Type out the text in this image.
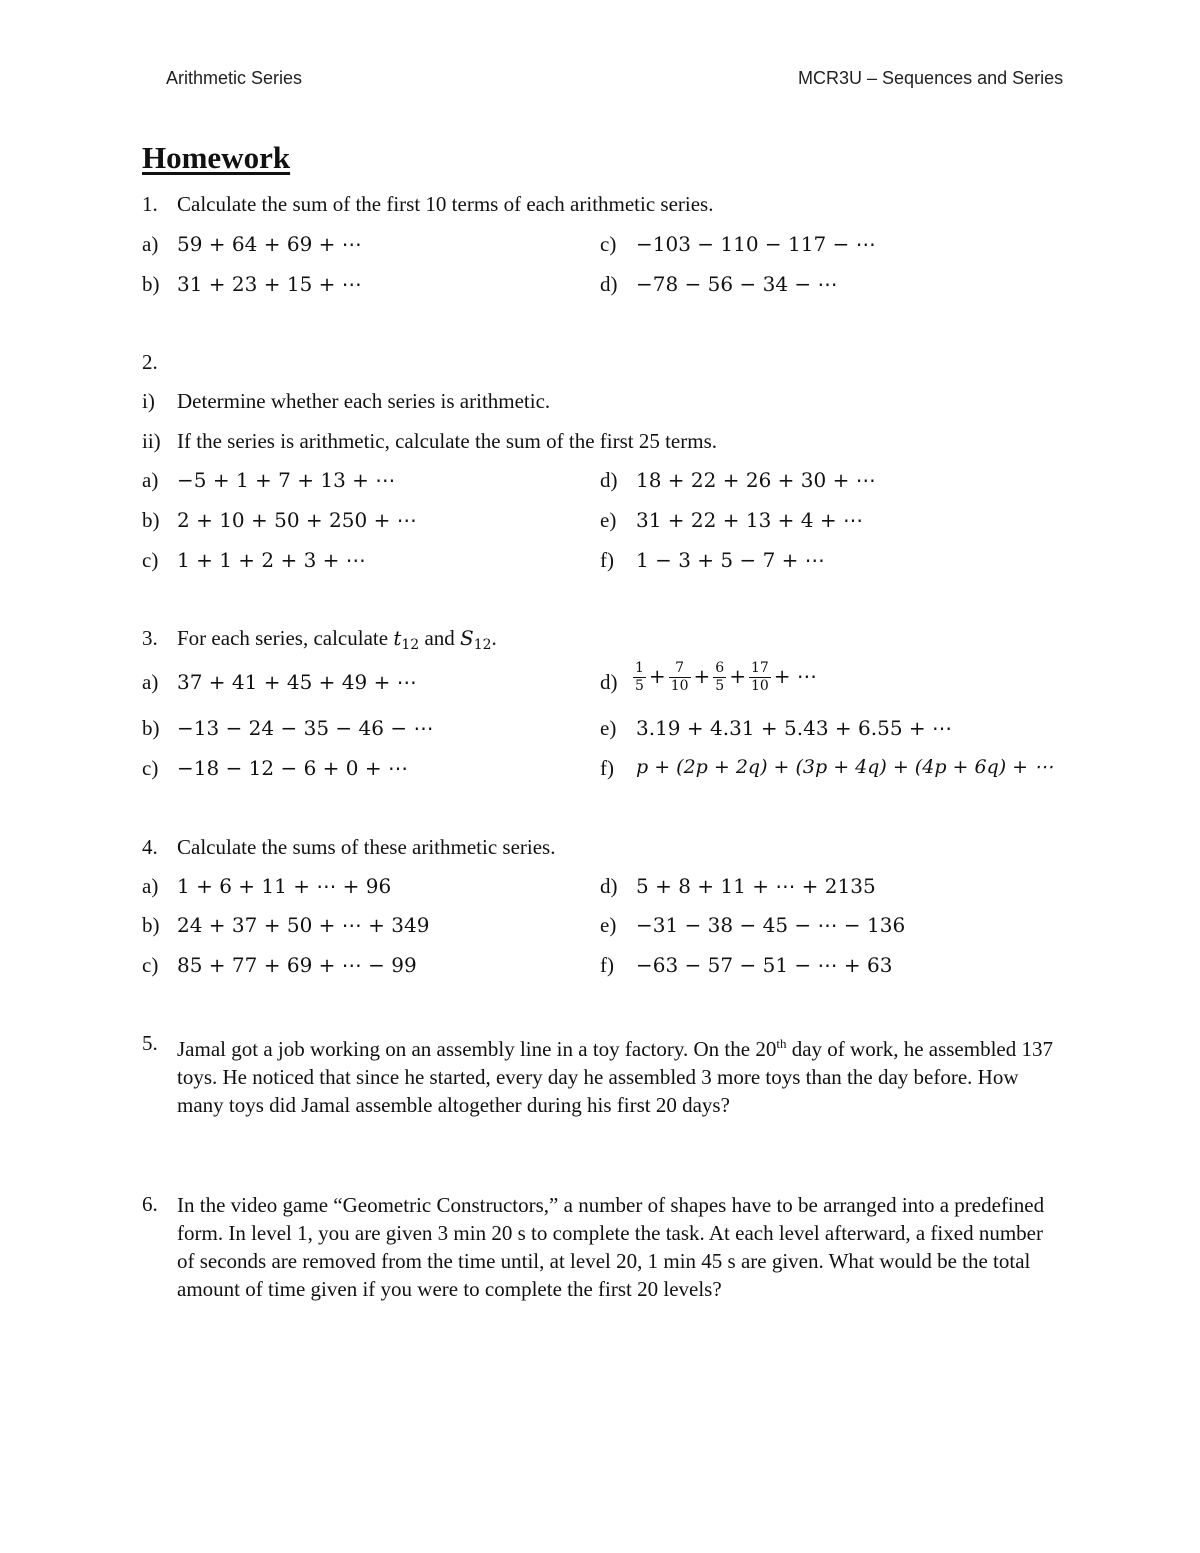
Arithmetic Series	MCR3U – Sequences and Series
Homework
1. Calculate the sum of the first 10 terms of each arithmetic series.
a) 59 + 64 + 69 + ⋯
b) 31 + 23 + 15 + ⋯
c) −103 − 110 − 117 − ⋯
d) −78 − 56 − 34 − ⋯
2.
i) Determine whether each series is arithmetic.
ii) If the series is arithmetic, calculate the sum of the first 25 terms.
a) −5 + 1 + 7 + 13 + ⋯
b) 2 + 10 + 50 + 250 + ⋯
c) 1 + 1 + 2 + 3 + ⋯
d) 18 + 22 + 26 + 30 + ⋯
e) 31 + 22 + 13 + 4 + ⋯
f) 1 − 3 + 5 − 7 + ⋯
3. For each series, calculate $t_{12}$ and $S_{12}$.
a) 37 + 41 + 45 + 49 + ⋯
b) −13 − 24 − 35 − 46 − ⋯
c) −18 − 12 − 6 + 0 + ⋯
$d) \frac{1}{5} + \frac{7}{10} + \frac{6}{5} + \frac{17}{10}$ + ⋯
e) 3.19 + 4.31 + 5.43 + 6.55 + ⋯
f) p + (2p + 2q) + (3p + 4q) + (4p + 6q) + ⋯
4. Calculate the sums of these arithmetic series.
a) 1 + 6 + 11 + ⋯ + 96
b) 24 + 37 + 50 + ⋯ + 349
c) 85 + 77 + 69 + ⋯ − 99
d) 5 + 8 + 11 + ⋯ + 2135
e) −31 − 38 − 45 − ⋯ − 136
f) −63 − 57 − 51 − ⋯ + 63
5. Jamal got a job working on an assembly line in a toy factory. On the 20th day of work, he assembled 137 toys. He noticed that since he started, every day he assembled 3 more toys than the day before. How many toys did Jamal assemble altogether during his first 20 days?
6. In the video game “Geometric Constructors,” a number of shapes have to be arranged into a predefined form. In level 1, you are given 3 min 20 s to complete the task. At each level afterward, a fixed number of seconds are removed from the time until, at level 20, 1 min 45 s are given. What would be the total amount of time given if you were to complete the first 20 levels?
